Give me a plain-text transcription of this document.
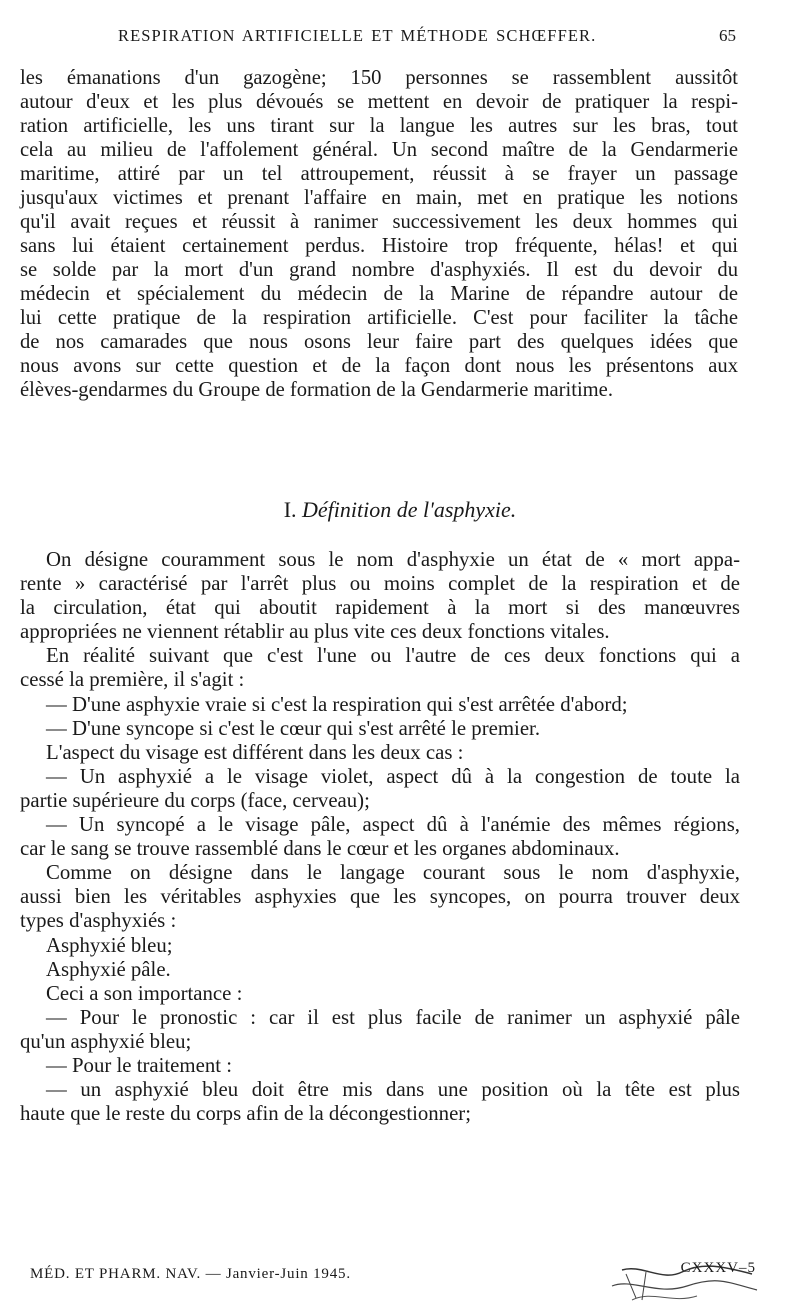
RESPIRATION ARTIFICIELLE ET MÉTHODE SCHŒFFER.	65
les émanations d'un gazogène; 150 personnes se rassemblent aussitôt
autour d'eux et les plus dévoués se mettent en devoir de pratiquer la respi-
ration artificielle, les uns tirant sur la langue les autres sur les bras, tout
cela au milieu de l'affolement général. Un second maître de la Gendarmerie
maritime, attiré par un tel attroupement, réussit à se frayer un passage
jusqu'aux victimes et prenant l'affaire en main, met en pratique les notions
qu'il avait reçues et réussit à ranimer successivement les deux hommes qui
sans lui étaient certainement perdus. Histoire trop fréquente, hélas! et qui
se solde par la mort d'un grand nombre d'asphyxiés. Il est du devoir du
médecin et spécialement du médecin de la Marine de répandre autour de
lui cette pratique de la respiration artificielle. C'est pour faciliter la tâche
de nos camarades que nous osons leur faire part des quelques idées que
nous avons sur cette question et de la façon dont nous les présentons aux
élèves-gendarmes du Groupe de formation de la Gendarmerie maritime.
I. Définition de l'asphyxie.
On désigne couramment sous le nom d'asphyxie un état de « mort appa-
rente » caractérisé par l'arrêt plus ou moins complet de la respiration et de
la circulation, état qui aboutit rapidement à la mort si des manœuvres
appropriées ne viennent rétablir au plus vite ces deux fonctions vitales.
En réalité suivant que c'est l'une ou l'autre de ces deux fonctions qui a
cessé la première, il s'agit :
— D'une asphyxie vraie si c'est la respiration qui s'est arrêtée d'abord;
— D'une syncope si c'est le cœur qui s'est arrêté le premier.
L'aspect du visage est différent dans les deux cas :
— Un asphyxié a le visage violet, aspect dû à la congestion de toute la
partie supérieure du corps (face, cerveau);
— Un syncopé a le visage pâle, aspect dû à l'anémie des mêmes régions,
car le sang se trouve rassemblé dans le cœur et les organes abdominaux.
Comme on désigne dans le langage courant sous le nom d'asphyxie,
aussi bien les véritables asphyxies que les syncopes, on pourra trouver deux
types d'asphyxiés :
Asphyxié bleu;
Asphyxié pâle.
Ceci a son importance :
— Pour le pronostic : car il est plus facile de ranimer un asphyxié pâle
qu'un asphyxié bleu;
— Pour le traitement :
— un asphyxié bleu doit être mis dans une position où la tête est plus
haute que le reste du corps afin de la décongestionner;
MÉD. ET PHARM. NAV. — Janvier-Juin 1945.	CXXXV–5
